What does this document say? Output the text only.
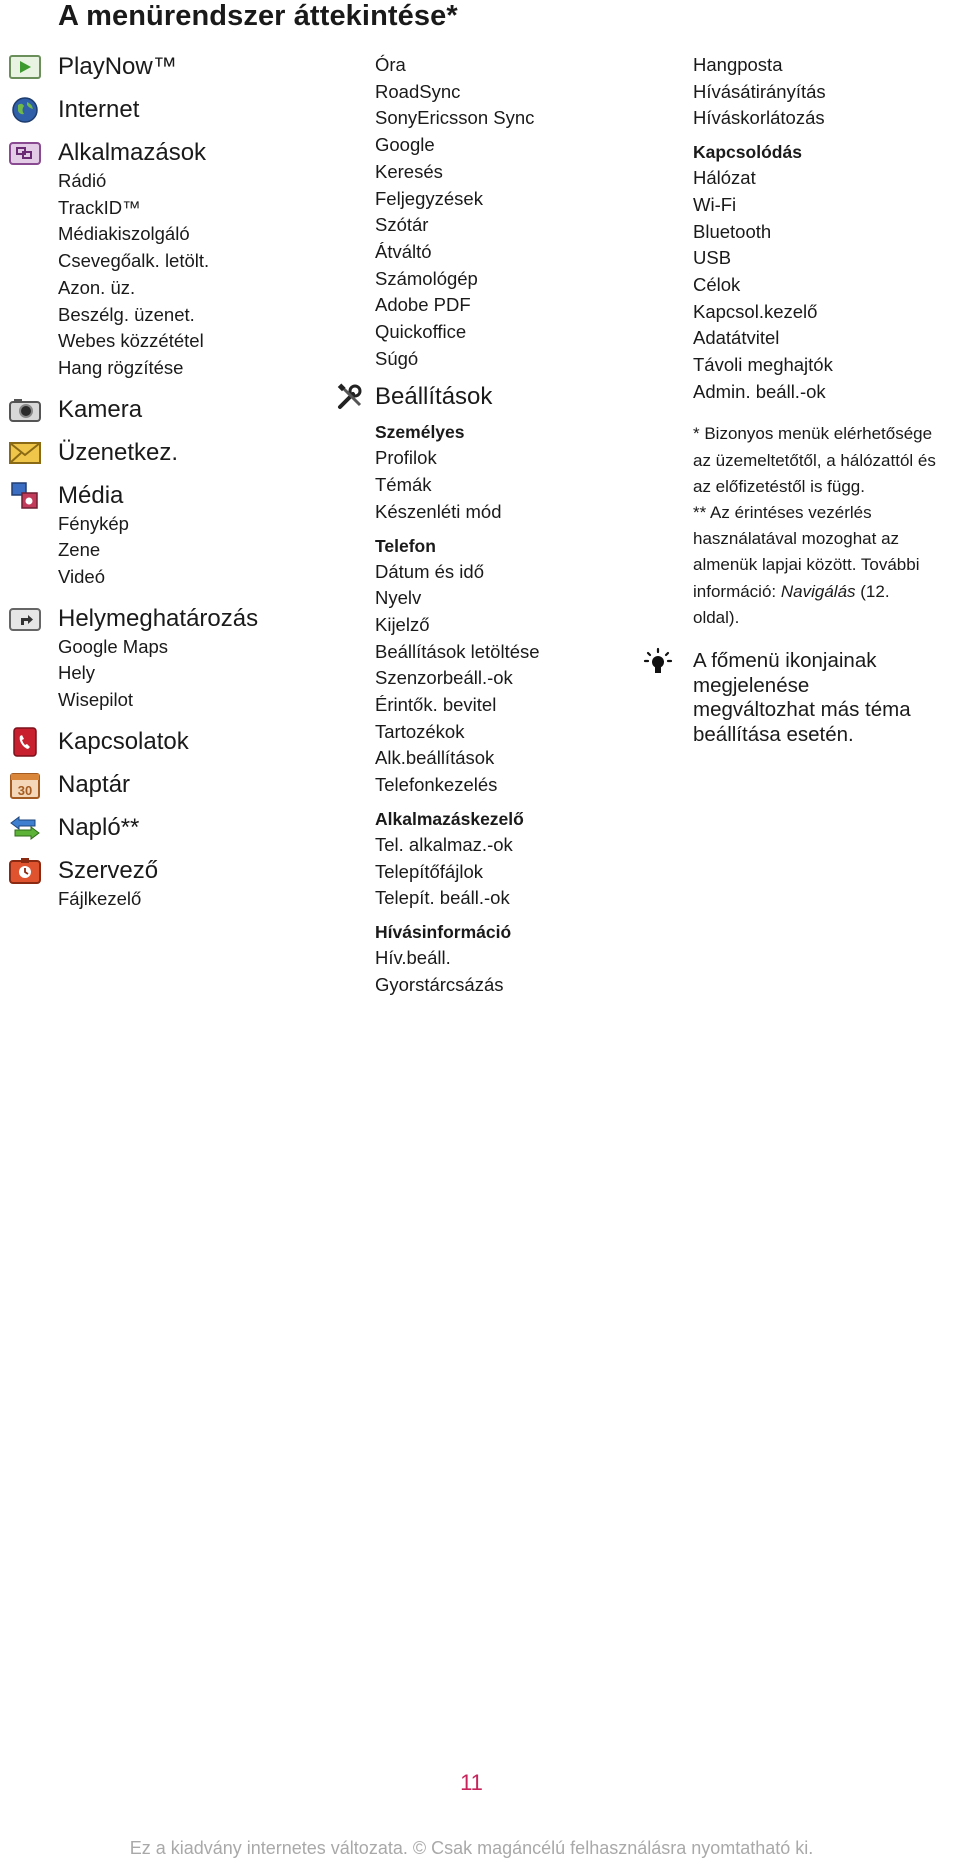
A menürendszer áttekintése*
PlayNow™
Internet
Alkalmazások
Rádió
TrackID™
Médiakiszolgáló
Csevegőalk. letölt.
Azon. üz.
Beszélg. üzenet.
Webes közzététel
Hang rögzítése
Kamera
Üzenetkez.
Média
Fénykép
Zene
Videó
Helymeghatározás
Google Maps
Hely
Wisepilot
Kapcsolatok
30 Naptár
Napló**
Szervező
Fájlkezelő
Óra
RoadSync
SonyEricsson Sync
Google
Keresés
Feljegyzések
Szótár
Átváltó
Számológép
Adobe PDF
Quickoffice
Súgó
Beállítások
Személyes
Profilok
Témák
Készenléti mód
Telefon
Dátum és idő
Nyelv
Kijelző
Beállítások letöltése
Szenzorbeáll.-ok
Érintők. bevitel
Tartozékok
Alk.beállítások
Telefonkezelés
Alkalmazáskezelő
Tel. alkalmaz.-ok
Telepítőfájlok
Telepít. beáll.-ok
Hívásinformáció
Hív.beáll.
Gyorstárcsázás
Hangposta
Hívásátirányítás
Híváskorlátozás
Kapcsolódás
Hálózat
Wi-Fi
Bluetooth
USB
Célok
Kapcsol.kezelő
Adatátvitel
Távoli meghajtók
Admin. beáll.-ok
* Bizonyos menük elérhetősége
az üzemeltetőtől, a hálózattól és
az előfizetéstől is függ.
** Az érintéses vezérlés
használatával mozoghat az
almenük lapjai között. További
információ: Navigálás (12.
oldal).
A főmenü ikonjainak
megjelenése
megváltozhat más téma
beállítása esetén.
11
Ez a kiadvány internetes változata. © Csak magáncélú felhasználásra nyomtatható ki.
